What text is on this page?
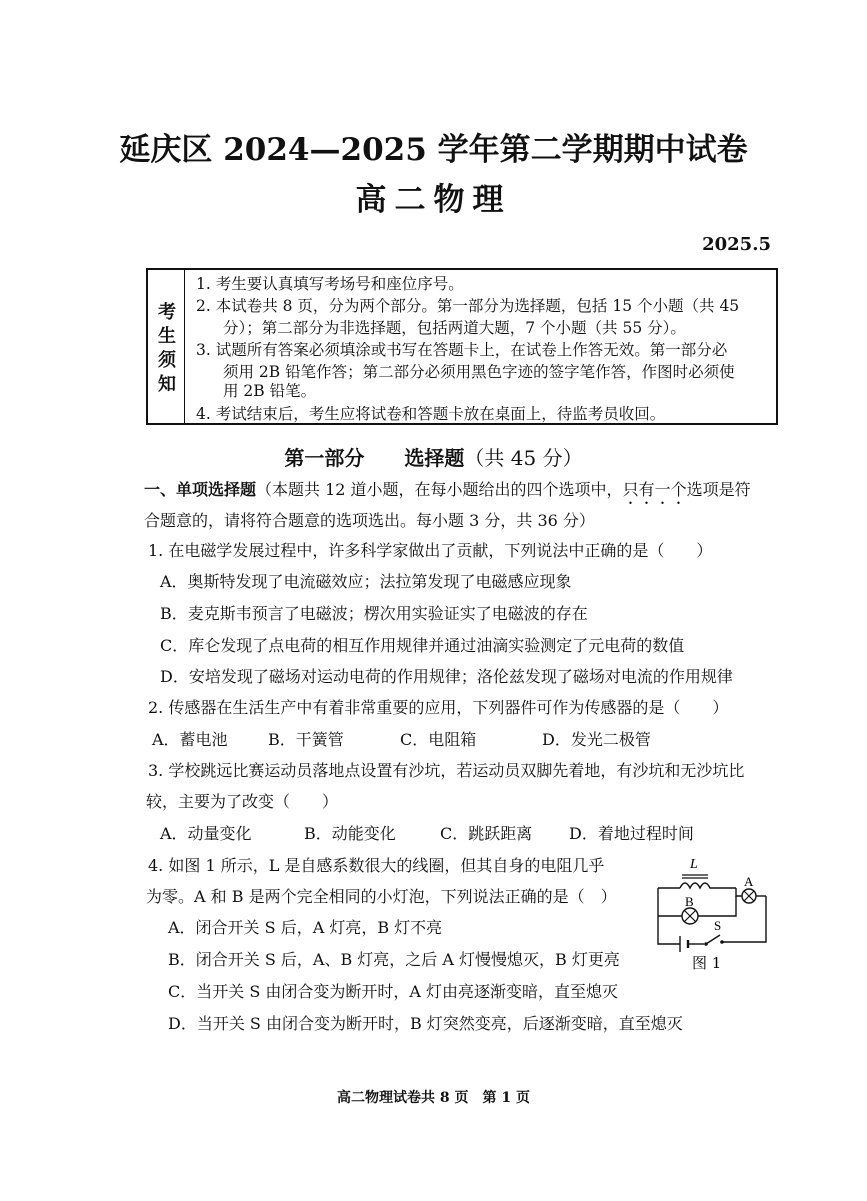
延庆区 2024—2025 学年第二学期期中试卷
高二物理
2025.5
考
生
须
知
1. 考生要认真填写考场号和座位序号。
2. 本试卷共 8 页，分为两个部分。第一部分为选择题，包括 15 个小题（共 45
分）；第二部分为非选择题，包括两道大题，7 个小题（共 55 分）。
3. 试题所有答案必须填涂或书写在答题卡上，在试卷上作答无效。第一部分必
须用 2B 铅笔作答；第二部分必须用黑色字迹的签字笔作答，作图时必须使
用 2B 铅笔。
4. 考试结束后，考生应将试卷和答题卡放在桌面上，待监考员收回。
第一部分　　选择题（共 45 分）
一、单项选择题（本题共 12 道小题，在每小题给出的四个选项中，只有一个选项是符
合题意的，请将符合题意的选项选出。每小题 3 分，共 36 分）
1. 在电磁学发展过程中，许多科学家做出了贡献，下列说法中正确的是（　　）
A．奥斯特发现了电流磁效应；法拉第发现了电磁感应现象
B．麦克斯韦预言了电磁波；楞次用实验证实了电磁波的存在
C．库仑发现了点电荷的相互作用规律并通过油滴实验测定了元电荷的数值
D．安培发现了磁场对运动电荷的作用规律；洛伦兹发现了磁场对电流的作用规律
2. 传感器在生活生产中有着非常重要的应用，下列器件可作为传感器的是（　　）
A．蓄电池	B．干簧管	C．电阻箱	D．发光二极管
3. 学校跳远比赛运动员落地点设置有沙坑，若运动员双脚先着地，有沙坑和无沙坑比
较，主要为了改变（　　）
A．动量变化	B．动能变化	C．跳跃距离 D．着地过程时间
4. 如图 1 所示，L 是自感系数很大的线圈，但其自身的电阻几乎
为零。A 和 B 是两个完全相同的小灯泡，下列说法正确的是（　）
A．闭合开关 S 后，A 灯亮，B 灯不亮
B．闭合开关 S 后，A、B 灯亮，之后 A 灯慢慢熄灭，B 灯更亮
C．当开关 S 由闭合变为断开时，A 灯由亮逐渐变暗，直至熄灭
D．当开关 S 由闭合变为断开时，B 灯突然变亮，后逐渐变暗，直至熄灭
L
A
B
S
图 1
高二物理试卷共 8 页　第 1 页
